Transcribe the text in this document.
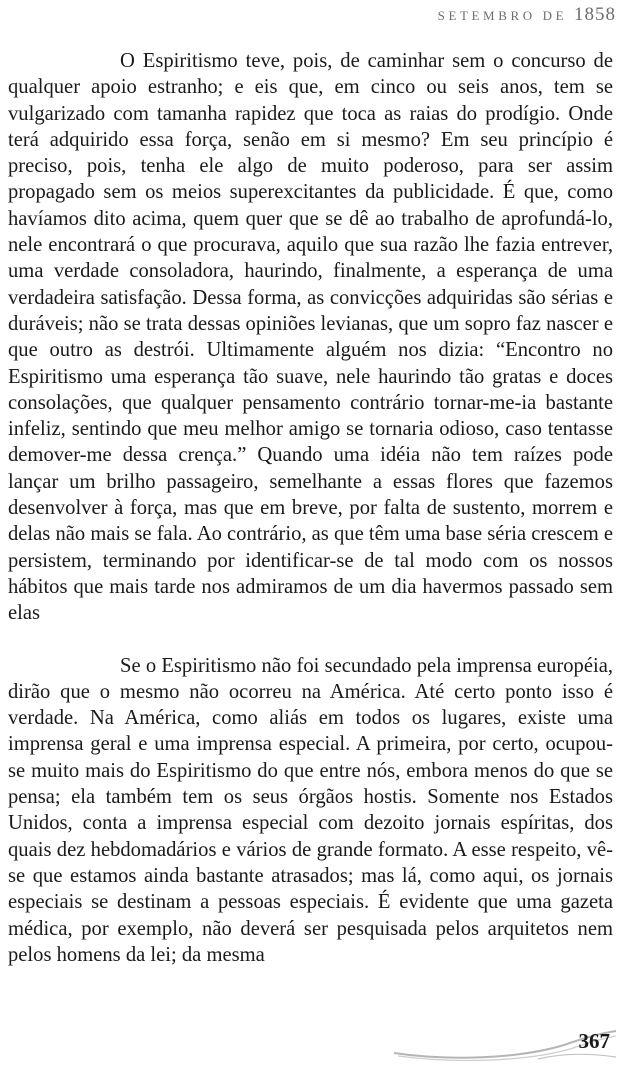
SETEMBRO DE 1858

O Espiritismo teve, pois, de caminhar sem o concurso de qualquer apoio estranho; e eis que, em cinco ou seis anos, tem se vulgarizado com tamanha rapidez que toca as raias do prodígio. Onde terá adquirido essa força, senão em si mesmo? Em seu princípio é preciso, pois, tenha ele algo de muito poderoso, para ser assim propagado sem os meios superexcitantes da publicidade. É que, como havíamos dito acima, quem quer que se dê ao trabalho de aprofundá-lo, nele encontrará o que procurava, aquilo que sua razão lhe fazia entrever, uma verdade consoladora, haurindo, finalmente, a esperança de uma verdadeira satisfação. Dessa forma, as convicções adquiridas são sérias e duráveis; não se trata dessas opiniões levianas, que um sopro faz nascer e que outro as destrói. Ultimamente alguém nos dizia: “Encontro no Espiritismo uma esperança tão suave, nele haurindo tão gratas e doces consolações, que qualquer pensamento contrário tornar-me-ia bastante infeliz, sentindo que meu melhor amigo se tornaria odioso, caso tentasse demover-me dessa crença.” Quando uma idéia não tem raízes pode lançar um brilho passageiro, semelhante a essas flores que fazemos desenvolver à força, mas que em breve, por falta de sustento, morrem e delas não mais se fala. Ao contrário, as que têm uma base séria crescem e persistem, terminando por identificar-se de tal modo com os nossos hábitos que mais tarde nos admiramos de um dia havermos passado sem elas

Se o Espiritismo não foi secundado pela imprensa européia, dirão que o mesmo não ocorreu na América. Até certo ponto isso é verdade. Na América, como aliás em todos os lugares, existe uma imprensa geral e uma imprensa especial. A primeira, por certo, ocupou-se muito mais do Espiritismo do que entre nós, embora menos do que se pensa; ela também tem os seus órgãos hostis. Somente nos Estados Unidos, conta a imprensa especial com dezoito jornais espíritas, dos quais dez hebdomadários e vários de grande formato. A esse respeito, vê-se que estamos ainda bastante atrasados; mas lá, como aqui, os jornais especiais se destinam a pessoas especiais. É evidente que uma gazeta médica, por exemplo, não deverá ser pesquisada pelos arquitetos nem pelos homens da lei; da mesma

367
